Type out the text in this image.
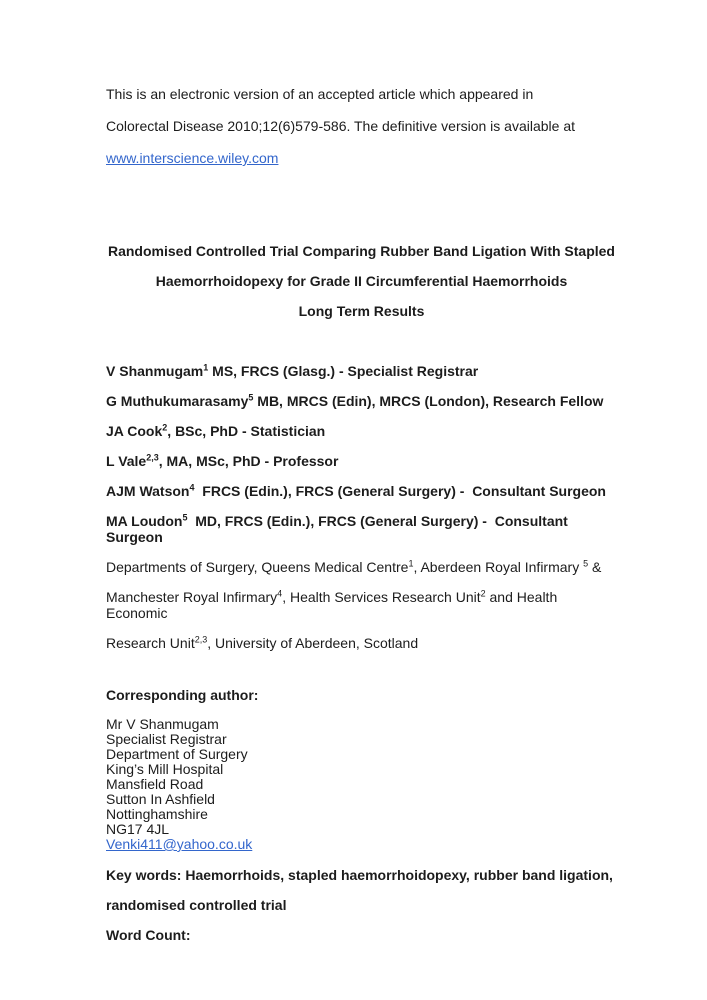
This is an electronic version of an accepted article which appeared in

Colorectal Disease 2010;12(6)579-586. The definitive version is available at

www.interscience.wiley.com

Randomised Controlled Trial Comparing Rubber Band Ligation With Stapled

Haemorrhoidopexy for Grade II Circumferential Haemorrhoids

Long Term Results

V Shanmugam$^1$ MS, FRCS (Glasg.) - Specialist Registrar
G Muthukumarasamy$^5$ MB, MRCS (Edin), MRCS (London), Research Fellow
JA Cook$^2$, BSc, PhD - Statistician
L Vale$^{2,3}$, MA, MSc, PhD - Professor
AJM Watson$^4$  FRCS (Edin.), FRCS (General Surgery) -  Consultant Surgeon
MA Loudon$^5$  MD, FRCS (Edin.), FRCS (General Surgery) -  Consultant Surgeon
Departments of Surgery, Queens Medical Centre$^1$, Aberdeen Royal Infirmary $^5$ &
Manchester Royal Infirmary$^4$, Health Services Research Unit$^2$ and Health Economic
Research Unit$^{2,3}$, University of Aberdeen, Scotland

Corresponding author:

Mr V Shanmugam

Specialist Registrar

Department of Surgery

King’s Mill Hospital

Mansfield Road

Sutton In Ashfield

Nottinghamshire

NG17 4JL

Venki411@yahoo.co.uk

Key words: Haemorrhoids, stapled haemorrhoidopexy, rubber band ligation,

randomised controlled trial

Word Count:
